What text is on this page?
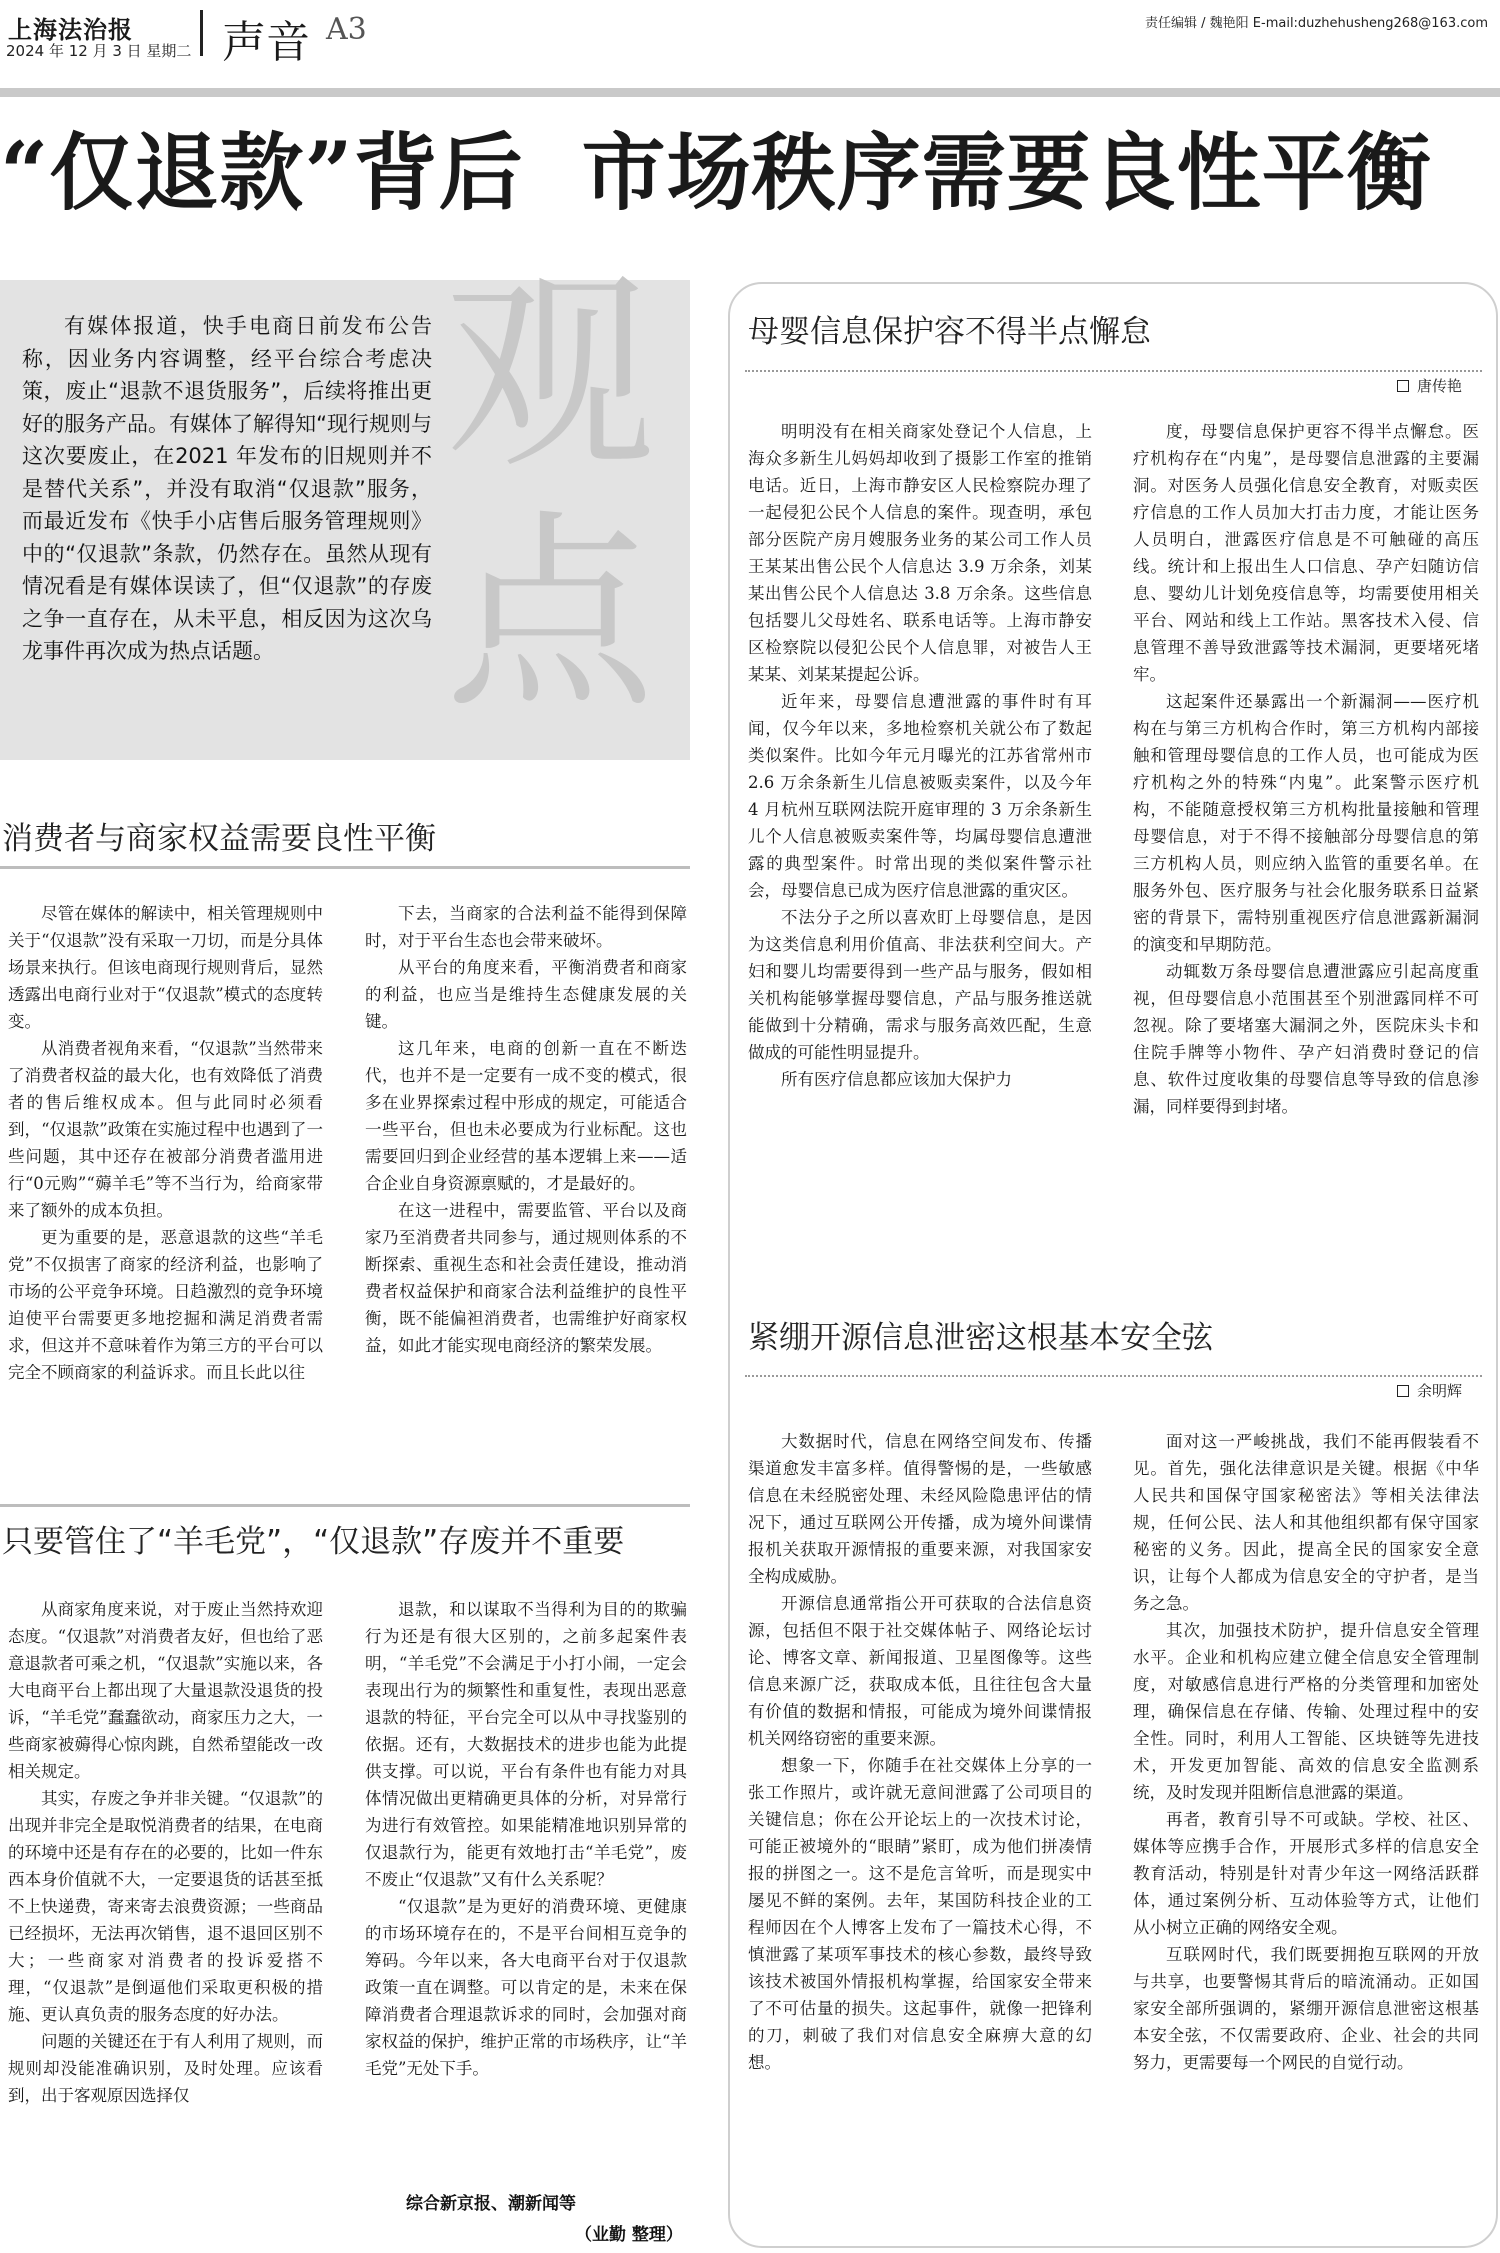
上海法治报
2024 年 12 月 3 日 星期二 声音 A3	责任编辑 / 魏艳阳 E-mail:duzhehusheng268@163.com
“仅退款”背后 市场秩序需要良性平衡
观点

有媒体报道，快手电商日前发布公告称，因业务内容调整，经平台综合考虑决策，废止“退款不退货服务”，后续将推出更好的服务产品。有媒体了解得知“现行规则与这次要废止，在2021 年发布的旧规则并不是替代关系”，并没有取消“仅退款”服务，而最近发布《快手小店售后服务管理规则》中的“仅退款”条款，仍然存在。虽然从现有情况看是有媒体误读了，但“仅退款”的存废之争一直存在，从未平息，相反因为这次乌龙事件再次成为热点话题。

消费者与商家权益需要良性平衡

尽管在媒体的解读中，相关管理规则中关于“仅退款”没有采取一刀切，而是分具体场景来执行。但该电商现行规则背后，显然透露出电商行业对于“仅退款”模式的态度转变。

从消费者视角来看，“仅退款”当然带来了消费者权益的最大化，也有效降低了消费者的售后维权成本。但与此同时必须看到，“仅退款”政策在实施过程中也遇到了一些问题，其中还存在被部分消费者滥用进行“0元购”“薅羊毛”等不当行为，给商家带来了额外的成本负担。

更为重要的是，恶意退款的这些“羊毛党”不仅损害了商家的经济利益，也影响了市场的公平竞争环境。日趋激烈的竞争环境迫使平台需要更多地挖掘和满足消费者需求，但这并不意味着作为第三方的平台可以完全不顾商家的利益诉求。而且长此以往

下去，当商家的合法利益不能得到保障时，对于平台生态也会带来破坏。

从平台的角度来看，平衡消费者和商家的利益，也应当是维持生态健康发展的关键。

这几年来，电商的创新一直在不断迭代，也并不是一定要有一成不变的模式，很多在业界探索过程中形成的规定，可能适合一些平台，但也未必要成为行业标配。这也需要回归到企业经营的基本逻辑上来——适合企业自身资源禀赋的，才是最好的。

在这一进程中，需要监管、平台以及商家乃至消费者共同参与，通过规则体系的不断探索、重视生态和社会责任建设，推动消费者权益保护和商家合法利益维护的良性平衡，既不能偏袒消费者，也需维护好商家权益，如此才能实现电商经济的繁荣发展。

只要管住了“羊毛党”，“仅退款”存废并不重要

从商家角度来说，对于废止当然持欢迎态度。“仅退款”对消费者友好，但也给了恶意退款者可乘之机，“仅退款”实施以来，各大电商平台上都出现了大量退款没退货的投诉，“羊毛党”蠢蠢欲动，商家压力之大，一些商家被薅得心惊肉跳，自然希望能改一改相关规定。

其实，存废之争并非关键。“仅退款”的出现并非完全是取悦消费者的结果，在电商的环境中还是有存在的必要的，比如一件东西本身价值就不大，一定要退货的话甚至抵不上快递费，寄来寄去浪费资源；一些商品已经损坏，无法再次销售，退不退回区别不大；一些商家对消费者的投诉爱搭不理，“仅退款”是倒逼他们采取更积极的措施、更认真负责的服务态度的好办法。

问题的关键还在于有人利用了规则，而规则却没能准确识别，及时处理。应该看到，出于客观原因选择仅

退款，和以谋取不当得利为目的的欺骗行为还是有很大区别的，之前多起案件表明，“羊毛党”不会满足于小打小闹，一定会表现出行为的频繁性和重复性，表现出恶意退款的特征，平台完全可以从中寻找鉴别的依据。还有，大数据技术的进步也能为此提供支撑。可以说，平台有条件也有能力对具体情况做出更精确更具体的分析，对异常行为进行有效管控。如果能精准地识别异常的仅退款行为，能更有效地打击“羊毛党”，废不废止“仅退款”又有什么关系呢？

“仅退款”是为更好的消费环境、更健康的市场环境存在的，不是平台间相互竞争的筹码。今年以来，各大电商平台对于仅退款政策一直在调整。可以肯定的是，未来在保障消费者合理退款诉求的同时，会加强对商家权益的保护，维护正常的市场秩序，让“羊毛党”无处下手。

综合新京报、潮新闻等
（业勤 整理）
母婴信息保护容不得半点懈怠
唐传艳

明明没有在相关商家处登记个人信息，上海众多新生儿妈妈却收到了摄影工作室的推销电话。近日，上海市静安区人民检察院办理了一起侵犯公民个人信息的案件。现查明，承包部分医院产房月嫂服务业务的某公司工作人员王某某出售公民个人信息达 3.9 万余条，刘某某出售公民个人信息达 3.8 万余条。这些信息包括婴儿父母姓名、联系电话等。上海市静安区检察院以侵犯公民个人信息罪，对被告人王某某、刘某某提起公诉。

近年来，母婴信息遭泄露的事件时有耳闻，仅今年以来，多地检察机关就公布了数起类似案件。比如今年元月曝光的江苏省常州市 2.6 万余条新生儿信息被贩卖案件，以及今年 4 月杭州互联网法院开庭审理的 3 万余条新生儿个人信息被贩卖案件等，均属母婴信息遭泄露的典型案件。时常出现的类似案件警示社会，母婴信息已成为医疗信息泄露的重灾区。

不法分子之所以喜欢盯上母婴信息，是因为这类信息利用价值高、非法获利空间大。产妇和婴儿均需要得到一些产品与服务，假如相关机构能够掌握母婴信息，产品与服务推送就能做到十分精确，需求与服务高效匹配，生意做成的可能性明显提升。

所有医疗信息都应该加大保护力

度，母婴信息保护更容不得半点懈怠。医疗机构存在“内鬼”，是母婴信息泄露的主要漏洞。对医务人员强化信息安全教育，对贩卖医疗信息的工作人员加大打击力度，才能让医务人员明白，泄露医疗信息是不可触碰的高压线。统计和上报出生人口信息、孕产妇随访信息、婴幼儿计划免疫信息等，均需要使用相关平台、网站和线上工作站。黑客技术入侵、信息管理不善导致泄露等技术漏洞，更要堵死堵牢。

这起案件还暴露出一个新漏洞——医疗机构在与第三方机构合作时，第三方机构内部接触和管理母婴信息的工作人员，也可能成为医疗机构之外的特殊“内鬼”。此案警示医疗机构，不能随意授权第三方机构批量接触和管理母婴信息，对于不得不接触部分母婴信息的第三方机构人员，则应纳入监管的重要名单。在服务外包、医疗服务与社会化服务联系日益紧密的背景下，需特别重视医疗信息泄露新漏洞的演变和早期防范。

动辄数万条母婴信息遭泄露应引起高度重视，但母婴信息小范围甚至个别泄露同样不可忽视。除了要堵塞大漏洞之外，医院床头卡和住院手牌等小物件、孕产妇消费时登记的信息、软件过度收集的母婴信息等导致的信息渗漏，同样要得到封堵。

紧绷开源信息泄密这根基本安全弦
余明辉

大数据时代，信息在网络空间发布、传播渠道愈发丰富多样。值得警惕的是，一些敏感信息在未经脱密处理、未经风险隐患评估的情况下，通过互联网公开传播，成为境外间谍情报机关获取开源情报的重要来源，对我国家安全构成威胁。

开源信息通常指公开可获取的合法信息资源，包括但不限于社交媒体帖子、网络论坛讨论、博客文章、新闻报道、卫星图像等。这些信息来源广泛，获取成本低，且往往包含大量有价值的数据和情报，可能成为境外间谍情报机关网络窃密的重要来源。

想象一下，你随手在社交媒体上分享的一张工作照片，或许就无意间泄露了公司项目的关键信息；你在公开论坛上的一次技术讨论，可能正被境外的“眼睛”紧盯，成为他们拼凑情报的拼图之一。这不是危言耸听，而是现实中屡见不鲜的案例。去年，某国防科技企业的工程师因在个人博客上发布了一篇技术心得，不慎泄露了某项军事技术的核心参数，最终导致该技术被国外情报机构掌握，给国家安全带来了不可估量的损失。这起事件，就像一把锋利的刀，刺破了我们对信息安全麻痹大意的幻想。

面对这一严峻挑战，我们不能再假装看不见。首先，强化法律意识是关键。根据《中华人民共和国保守国家秘密法》等相关法律法规，任何公民、法人和其他组织都有保守国家秘密的义务。因此，提高全民的国家安全意识，让每个人都成为信息安全的守护者，是当务之急。

其次，加强技术防护，提升信息安全管理水平。企业和机构应建立健全信息安全管理制度，对敏感信息进行严格的分类管理和加密处理，确保信息在存储、传输、处理过程中的安全性。同时，利用人工智能、区块链等先进技术，开发更加智能、高效的信息安全监测系统，及时发现并阻断信息泄露的渠道。

再者，教育引导不可或缺。学校、社区、媒体等应携手合作，开展形式多样的信息安全教育活动，特别是针对青少年这一网络活跃群体，通过案例分析、互动体验等方式，让他们从小树立正确的网络安全观。

互联网时代，我们既要拥抱互联网的开放与共享，也要警惕其背后的暗流涌动。正如国家安全部所强调的，紧绷开源信息泄密这根基本安全弦，不仅需要政府、企业、社会的共同努力，更需要每一个网民的自觉行动。
